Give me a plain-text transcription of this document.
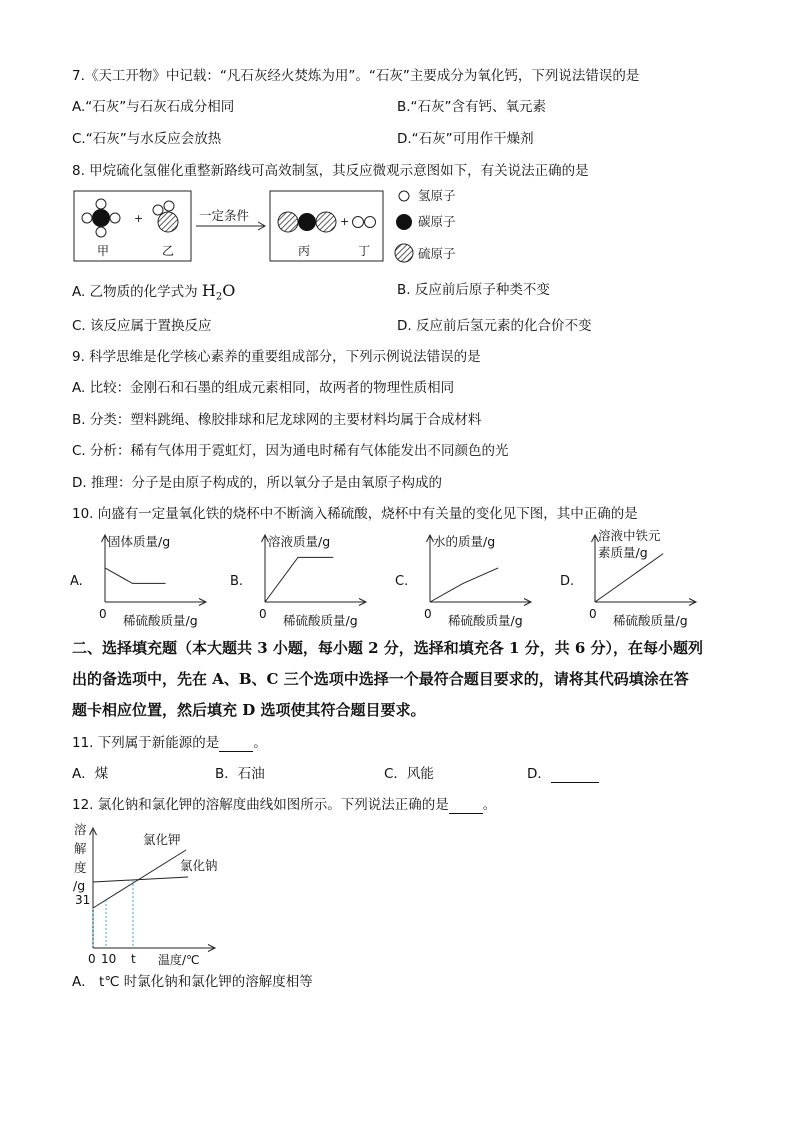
7.《天工开物》中记载：“凡石灰经火焚炼为用”。“石灰”主要成分为氧化钙，下列说法错误的是
A.“石灰”与石灰石成分相同	B.“石灰”含有钙、氧元素
C.“石灰”与水反应会放热	D.“石灰”可用作干燥剂
8. 甲烷硫化氢催化重整新路线可高效制氢，其反应微观示意图如下，有关说法正确的是
+
甲	乙
一定条件	+
丙	丁
氢原子
碳原子
硫原子
A. 乙物质的化学式为 $H_2O$	B. 反应前后原子种类不变
C. 该反应属于置换反应	D. 反应前后氢元素的化合价不变
9. 科学思维是化学核心素养的重要组成部分，下列示例说法错误的是
A. 比较：金刚石和石墨的组成元素相同，故两者的物理性质相同
B. 分类：塑料跳绳、橡胶排球和尼龙球网的主要材料均属于合成材料
C. 分析：稀有气体用于霓虹灯，因为通电时稀有气体能发出不同颜色的光
D. 推理：分子是由原子构成的，所以氧分子是由氧原子构成的
10. 向盛有一定量氧化铁的烧杯中不断滴入稀硫酸，烧杯中有关量的变化见下图，其中正确的是
A.
固体质量/g
0 稀硫酸质量/g
B.
溶液质量/g
0 稀硫酸质量/g
C.
水的质量/g
0 稀硫酸质量/g
D.
溶液中铁元
素质量/g
0 稀硫酸质量/g
二、选择填充题（本大题共 3 小题，每小题 2 分，选择和填充各 1 分，共 6 分），在每小题列
出的备选项中，先在 A、B、C 三个选项中选择一个最符合题目要求的，请将其代码填涂在答
题卡相应位置，然后填充 D 选项使其符合题目要求。
11. 下列属于新能源的是	。
A．煤	B．石油	C．风能	D．
12. 氯化钠和氯化钾的溶解度曲线如图所示。下列说法正确的是	。
溶
解
度
/g
31
氯化钾
氯化钠
0 10 t 温度/℃
A． t℃ 时氯化钠和氯化钾的溶解度相等
